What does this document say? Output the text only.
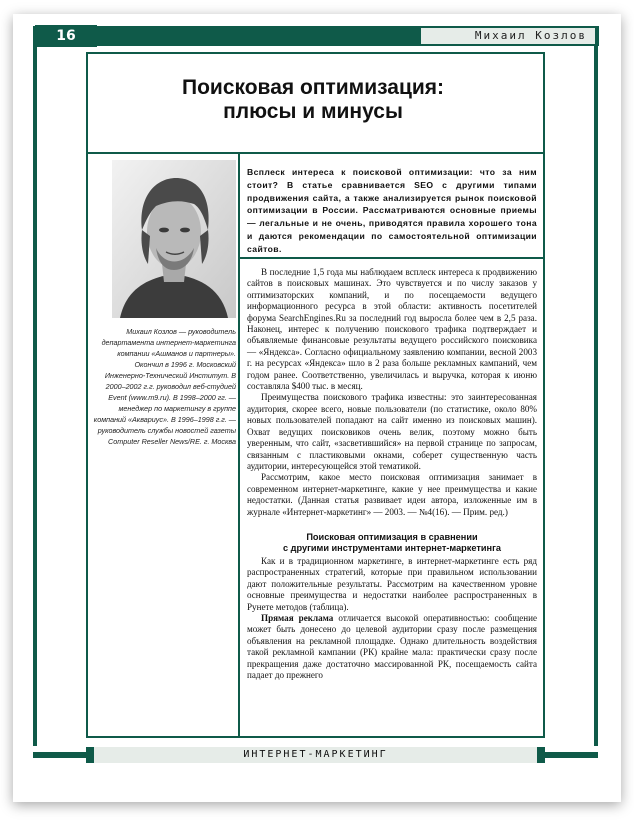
16	Михаил Козлов
Поисковая оптимизация:
плюсы и минусы
Михаил Козлов — руководитель департамента интернет-маркетинга компании «Ашманов и партнеры». Окончил в 1996 г. Московский Инженерно-Технический Институт. В 2000–2002 г.г. руководил веб-студией Event (www.m9.ru). В 1998–2000 гг. — менеджер по маркетингу в группе компаний «Аквариус». В 1996–1998 г.г. — руководитель службы новостей газеты Computer Reseller News/RE. г. Москва
Всплеск интереса к поисковой оптимизации: что за ним стоит? В статье сравнивается SEO с другими типами продвижения сайта, а также анализируется рынок поисковой оптимизации в России. Рассматриваются основные приемы — легальные и не очень, приводятся правила хорошего тона и даются рекомендации по самостоятельной оптимизации сайтов.

В последние 1,5 года мы наблюдаем всплеск интереса к продвижению сайтов в поисковых машинах. Это чувствуется и по числу заказов у оптимизаторских компаний, и по посещаемости ведущего информационного ресурса в этой области: активность посетителей форума SearchEngines.Ru за последний год выросла более чем в 2,5 раза. Наконец, интерес к получению поискового трафика подтверждает и объявляемые финансовые результаты ведущего российского поисковика — «Яндекса». Согласно официальному заявлению компании, весной 2003 г. на ресурсах «Яндекса» шло в 2 раза больше рекламных кампаний, чем годом ранее. Соответственно, увеличилась и выручка, которая к июню составляла $400 тыс. в месяц.

Преимущества поискового трафика известны: это заинтересованная аудитория, скорее всего, новые пользователи (по статистике, около 80% новых пользователей попадают на сайт именно из поисковых машин). Охват ведущих поисковиков очень велик, поэтому можно быть уверенным, что сайт, «засветившийся» на первой странице по запросам, связанным с пластиковыми окнами, соберет существенную часть аудитории, интересующейся этой тематикой.

Рассмотрим, какое место поисковая оптимизация занимает в современном интернет-маркетинге, какие у нее преимущества и какие недостатки. (Данная статья развивает идеи автора, изложенные им в журнале «Интернет-маркетинг» — 2003. — №4(16). — Прим. ред.)

Поисковая оптимизация в сравнении
с другими инструментами интернет-маркетинга

Как и в традиционном маркетинге, в интернет-маркетинге есть ряд распространенных стратегий, которые при правильном использовании дают положительные результаты. Рассмотрим на качественном уровне основные преимущества и недостатки наиболее распространенных в Рунете методов (таблица).

Прямая реклама отличается высокой оперативностью: сообщение может быть донесено до целевой аудитории сразу после размещения объявления на рекламной площадке. Однако длительность воздействия такой рекламной кампании (РК) крайне мала: практически сразу после прекращения даже достаточно массированной РК, посещаемость сайта падает до прежнего

ИНТЕРНЕТ-МАРКЕТИНГ
